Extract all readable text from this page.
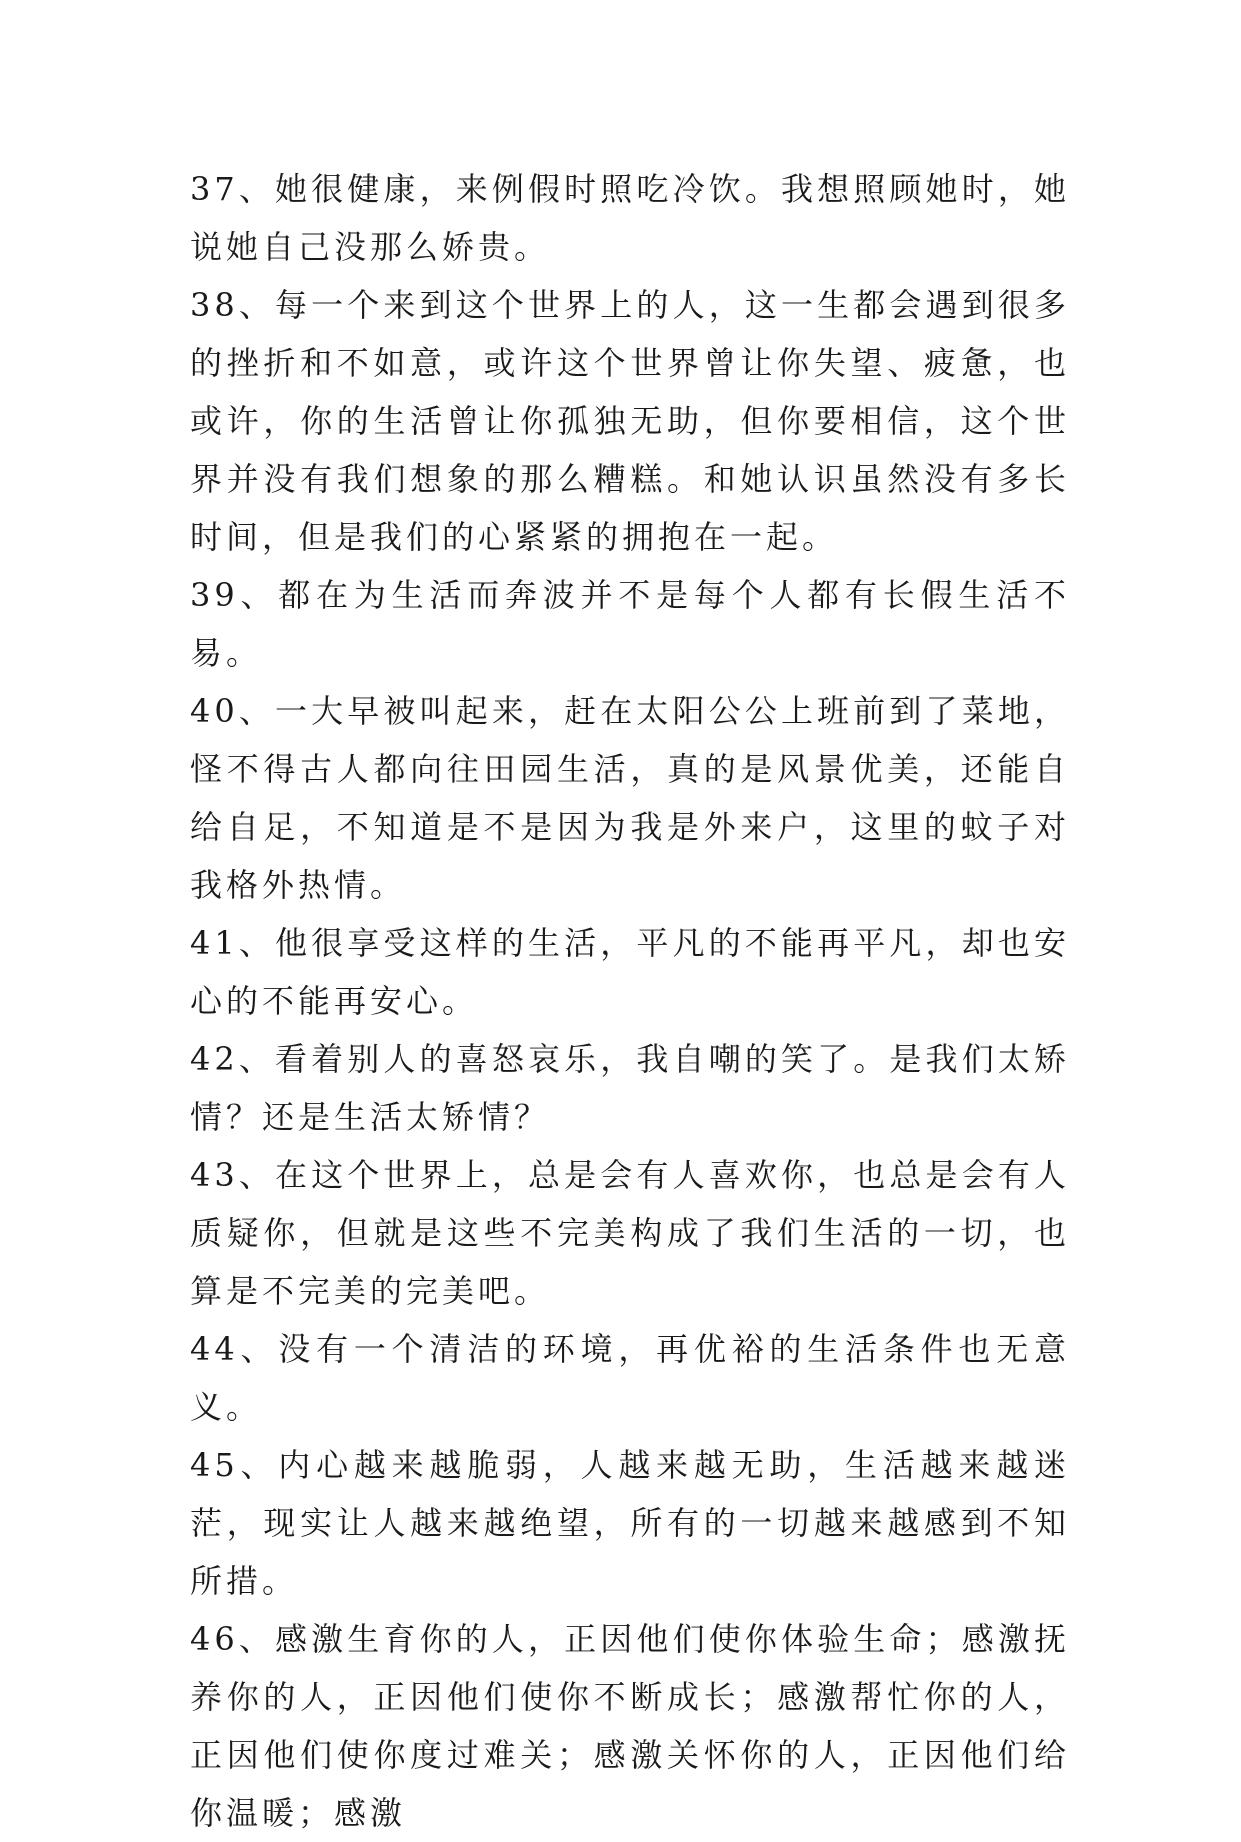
37、她很健康，来例假时照吃冷饮。我想照顾她时，她说她自己没那么娇贵。

38、每一个来到这个世界上的人，这一生都会遇到很多的挫折和不如意，或许这个世界曾让你失望、疲惫，也或许，你的生活曾让你孤独无助，但你要相信，这个世界并没有我们想象的那么糟糕。和她认识虽然没有多长时间，但是我们的心紧紧的拥抱在一起。

39、都在为生活而奔波并不是每个人都有长假生活不易。

40、一大早被叫起来，赶在太阳公公上班前到了菜地，怪不得古人都向往田园生活，真的是风景优美，还能自给自足，不知道是不是因为我是外来户，这里的蚊子对我格外热情。

41、他很享受这样的生活，平凡的不能再平凡，却也安心的不能再安心。

42、看着别人的喜怒哀乐，我自嘲的笑了。是我们太矫情？还是生活太矫情？

43、在这个世界上，总是会有人喜欢你，也总是会有人质疑你，但就是这些不完美构成了我们生活的一切，也算是不完美的完美吧。

44、没有一个清洁的环境，再优裕的生活条件也无意义。

45、内心越来越脆弱，人越来越无助，生活越来越迷茫，现实让人越来越绝望，所有的一切越来越感到不知所措。

46、感激生育你的人，正因他们使你体验生命；感激抚养你的人，正因他们使你不断成长；感激帮忙你的人，正因他们使你度过难关；感激关怀你的人，正因他们给你温暖；感激
